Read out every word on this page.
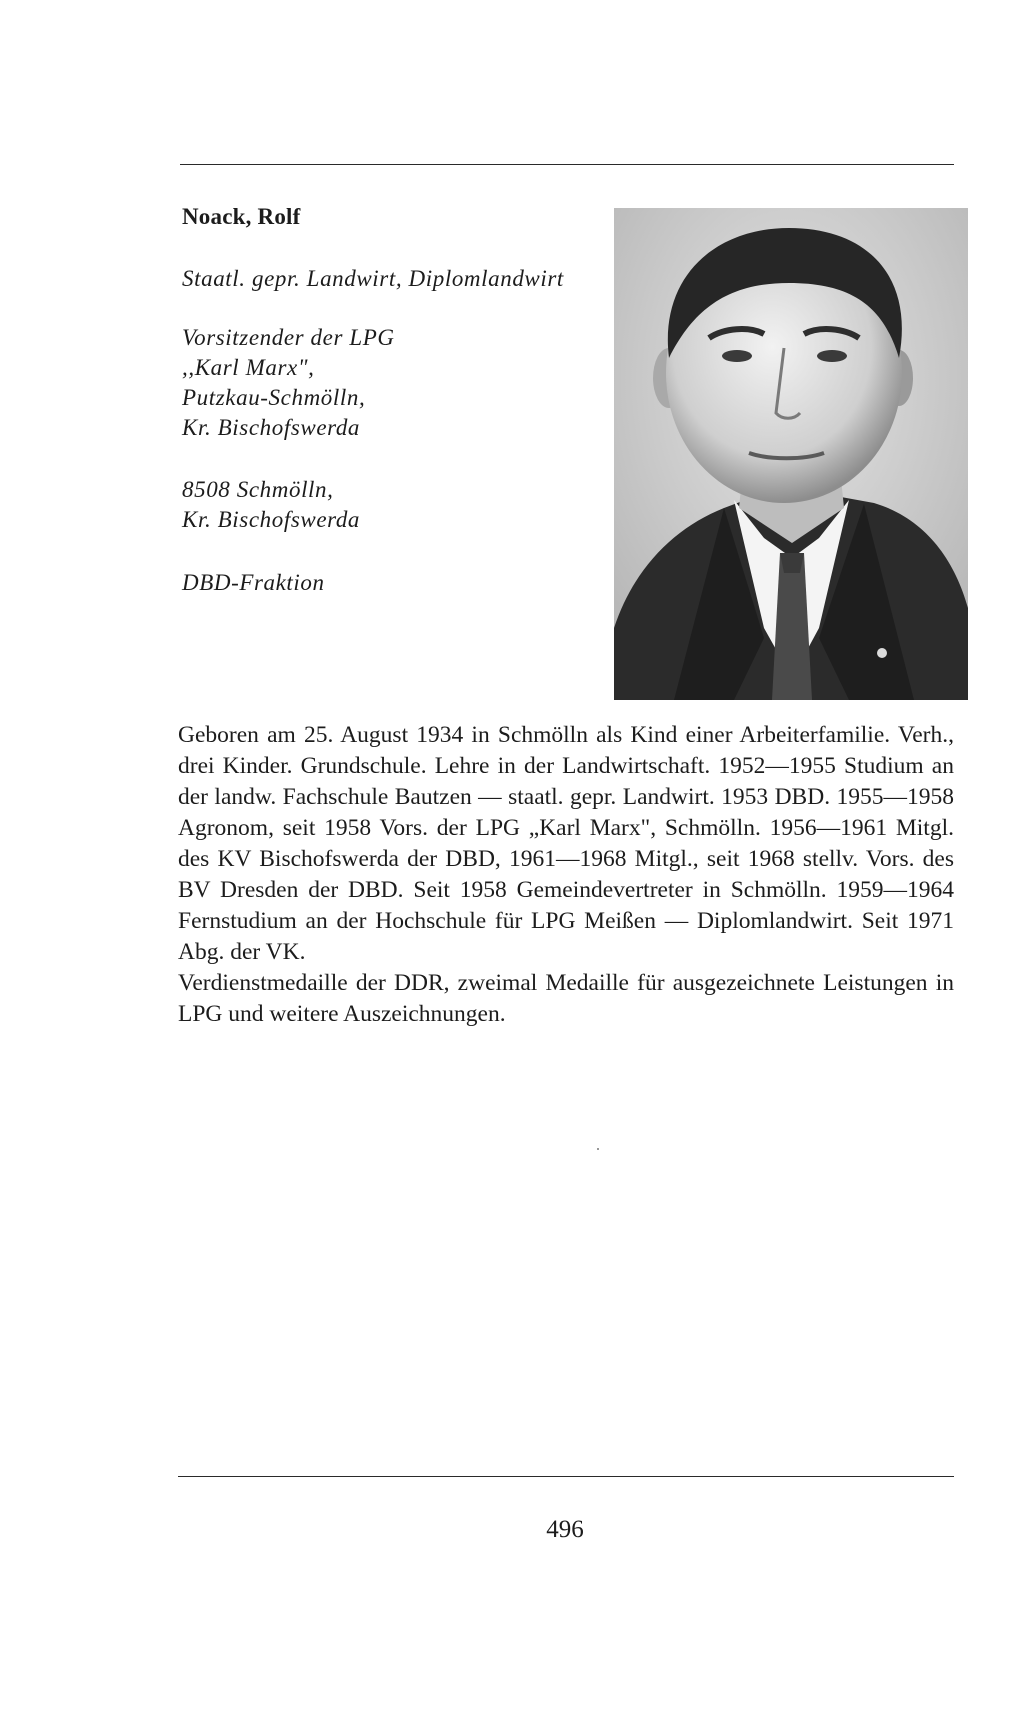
Noack, Rolf
Staatl. gepr. Landwirt, Diplomlandwirt
Vorsitzender der LPG
,,Karl Marx",
Putzkau-Schmölln,
Kr. Bischofswerda
8508 Schmölln,
Kr. Bischofswerda
DBD-Fraktion

Geboren am 25. August 1934 in Schmölln als Kind einer Arbeiterfamilie. Verh., drei Kinder. Grundschule. Lehre in der Landwirtschaft. 1952—1955 Studium an der landw. Fachschule Bautzen — staatl. gepr. Landwirt. 1953 DBD. 1955—1958 Agronom, seit 1958 Vors. der LPG „Karl Marx", Schmölln. 1956—1961 Mitgl. des KV Bischofswerda der DBD, 1961—1968 Mitgl., seit 1968 stellv. Vors. des BV Dresden der DBD. Seit 1958 Gemeindevertreter in Schmölln. 1959—1964 Fernstudium an der Hochschule für LPG Meißen — Diplomlandwirt. Seit 1971 Abg. der VK.

Verdienstmedaille der DDR, zweimal Medaille für ausgezeichnete Leistungen in LPG und weitere Auszeichnungen.

496
